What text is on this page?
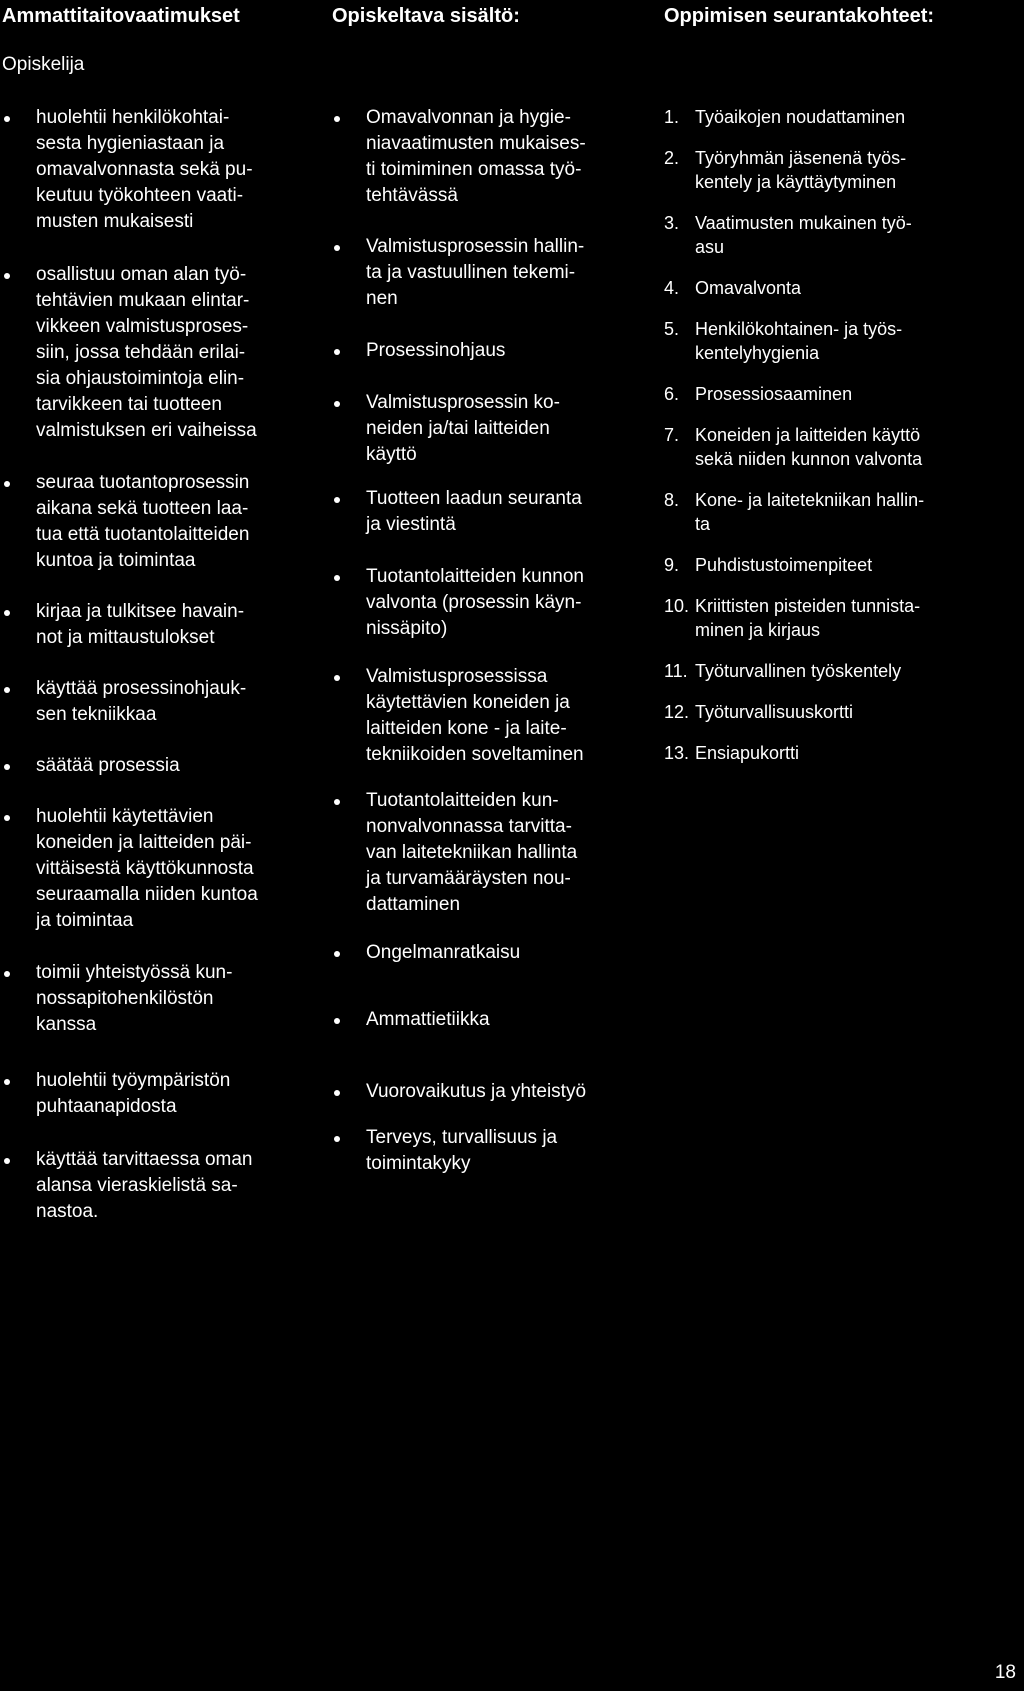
Ammattitaitovaatimukset	Opiskeltava sisältö:	Oppimisen seurantakohteet:
Opiskelija
huolehtii henkilökohtai-
sesta hygieniastaan ja
omavalvonnasta sekä pu-
keutuu työkohteen vaati-
musten mukaisesti
osallistuu oman alan työ-
tehtävien mukaan elintar-
vikkeen valmistusproses-
siin, jossa tehdään erilai-
sia ohjaustoimintoja elin-
tarvikkeen tai tuotteen
valmistuksen eri vaiheissa
seuraa tuotantoprosessin
aikana sekä tuotteen laa-
tua että tuotantolaitteiden
kuntoa ja toimintaa
kirjaa ja tulkitsee havain-
not ja mittaustulokset
käyttää prosessinohjauk-
sen tekniikkaa
säätää prosessia
huolehtii käytettävien
koneiden ja laitteiden päi-
vittäisestä käyttökunnosta
seuraamalla niiden kuntoa
ja toimintaa
toimii yhteistyössä kun-
nossapitohenkilöstön
kanssa
huolehtii työympäristön
puhtaanapidosta
käyttää tarvittaessa oman
alansa vieraskielistä sa-
nastoa.
Omavalvonnan ja hygie-
niavaatimusten mukaises-
ti toimiminen omassa työ-
tehtävässä
Valmistusprosessin hallin-
ta ja vastuullinen tekemi-
nen
Prosessinohjaus
Valmistusprosessin ko-
neiden ja/tai laitteiden
käyttö
Tuotteen laadun seuranta
ja viestintä
Tuotantolaitteiden kunnon
valvonta (prosessin käyn-
nissäpito)
Valmistusprosessissa
käytettävien koneiden ja
laitteiden kone - ja laite-
tekniikoiden soveltaminen
Tuotantolaitteiden kun-
nonvalvonnassa tarvitta-
van laitetekniikan hallinta
ja turvamääräysten nou-
dattaminen
Ongelmanratkaisu
Ammattietiikka
Vuorovaikutus ja yhteistyö
Terveys, turvallisuus ja
toimintakyky
1. Työaikojen noudattaminen
2. Työryhmän jäsenenä työs-
kentely ja käyttäytyminen
3. Vaatimusten mukainen työ-
asu
4. Omavalvonta
5. Henkilökohtainen- ja työs-
kentelyhygienia
6. Prosessiosaaminen
7. Koneiden ja laitteiden käyttö
sekä niiden kunnon valvonta
8. Kone- ja laitetekniikan hallin-
ta
9. Puhdistustoimenpiteet
10. Kriittisten pisteiden tunnista-
minen ja kirjaus
11. Työturvallinen työskentely
12. Työturvallisuuskortti
13. Ensiapukortti
18
